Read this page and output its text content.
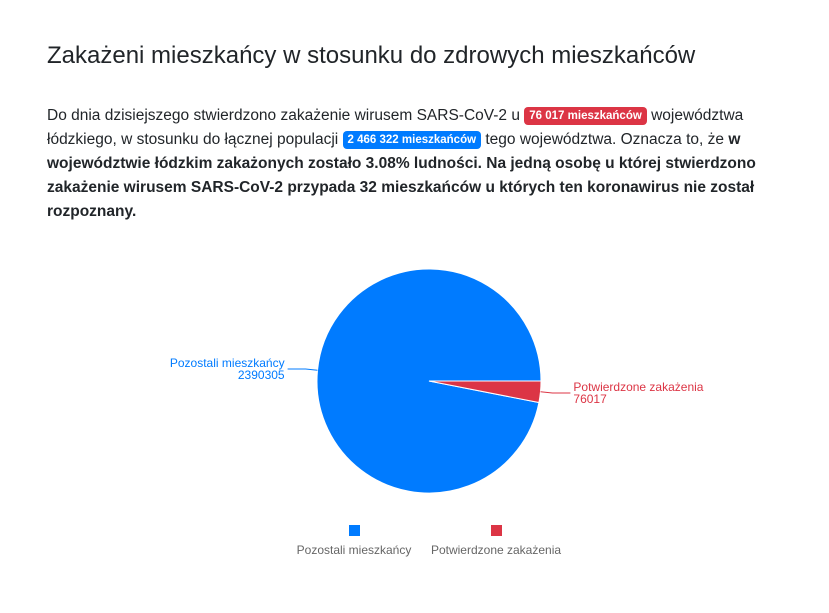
Zakażeni mieszkańcy w stosunku do zdrowych mieszkańców

Do dnia dzisiejszego stwierdzono zakażenie wirusem SARS-CoV-2 u 76 017 mieszkańców województwa łódzkiego, w stosunku do łącznej populacji 2 466 322 mieszkańców tego województwa. Oznacza to, że w województwie łódzkim zakażonych zostało 3.08% ludności. Na jedną osobę u której stwierdzono zakażenie wirusem SARS-CoV-2 przypada 32 mieszkańców u których ten koronawirus nie został rozpoznany.

Pozostali mieszkańcy
2390305
Potwierdzone zakażenia
76017
Pozostali mieszkańcy Potwierdzone zakażenia
